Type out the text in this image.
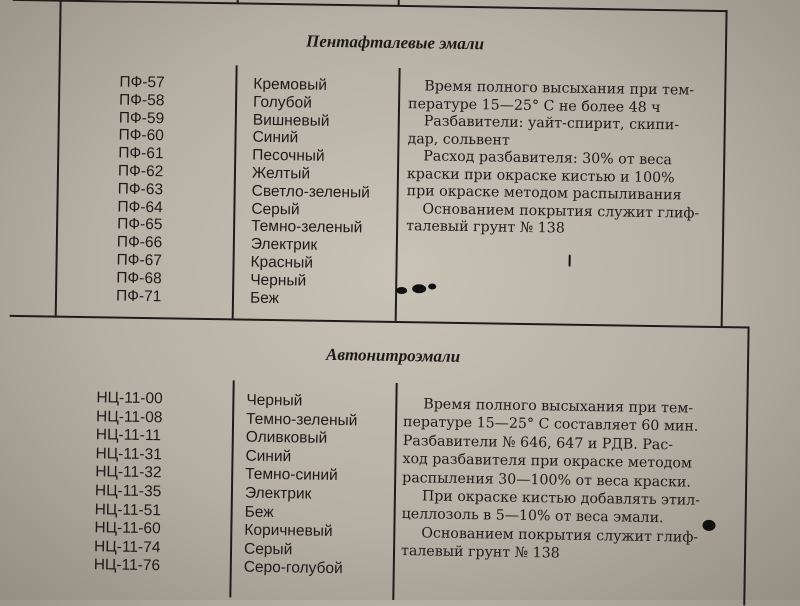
Пентафталевые эмали
ПФ-57
ПФ-58
ПФ-59
ПФ-60
ПФ-61
ПФ-62
ПФ-63
ПФ-64
ПФ-65
ПФ-66
ПФ-67
ПФ-68
ПФ-71
Кремовый
Голубой
Вишневый
Синий
Песочный
Желтый
Светло-зеленый
Серый
Темно-зеленый
Электрик
Красный
Черный
Беж
Время полного высыхания при тем-
пературе 15—25° С не более 48 ч
Разбавители: уайт-спирит, скипи-
дар, сольвент
Расход разбавителя: 30% от веса
краски при окраске кистью и 100%
при окраске методом распыливания
Основанием покрытия служит глиф-
талевый грунт № 138
Автонитроэмали
НЦ-11-00
НЦ-11-08
НЦ-11-11
НЦ-11-31
НЦ-11-32
НЦ-11-35
НЦ-11-51
НЦ-11-60
НЦ-11-74
НЦ-11-76
Черный
Темно-зеленый
Оливковый
Синий
Темно-синий
Электрик
Беж
Коричневый
Серый
Серо-голубой
Время полного высыхания при тем-
пературе 15—25° С составляет 60 мин.
Разбавители № 646, 647 и РДВ. Рас-
ход разбавителя при окраске методом
распыления 30—100% от веса краски.
При окраске кистью добавлять этил-
целлозоль в 5—10% от веса эмали.
Основанием покрытия служит глиф-
талевый грунт № 138
